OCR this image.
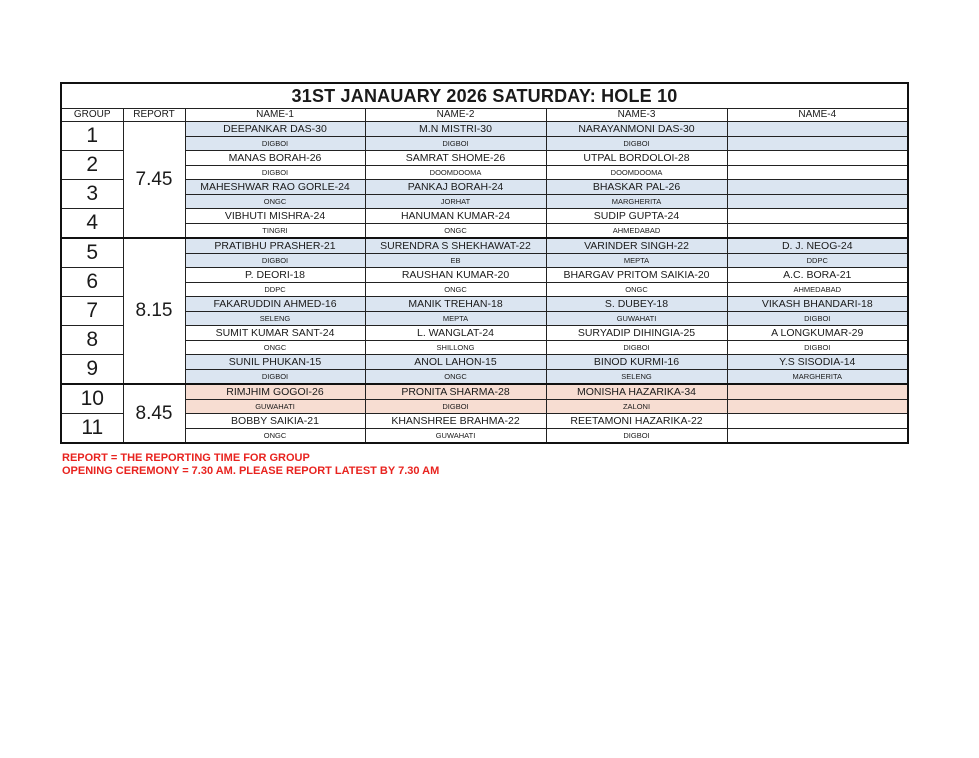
31ST JANAUARY 2026 SATURDAY: HOLE 10					
GROUP	REPORT	NAME-1	NAME-2	NAME-3	NAME-4
1	7.45	DEEPANKAR DAS-30	M.N MISTRI-30	NARAYANMONI DAS-30	
		DIGBOI	DIGBOI	DIGBOI	
2		MANAS BORAH-26	SAMRAT SHOME-26	UTPAL BORDOLOI-28	
		DIGBOI	DOOMDOOMA	DOOMDOOMA	
3		MAHESHWAR RAO GORLE-24	PANKAJ BORAH-24	BHASKAR PAL-26	
		ONGC	JORHAT	MARGHERITA	
4		VIBHUTI MISHRA-24	HANUMAN KUMAR-24	SUDIP GUPTA-24	
		TINGRI	ONGC	AHMEDABAD	
5	8.15	PRATIBHU PRASHER-21	SURENDRA S SHEKHAWAT-22	VARINDER SINGH-22	D. J. NEOG-24
		DIGBOI	EB	MEPTA	DDPC
6		P. DEORI-18	RAUSHAN KUMAR-20	BHARGAV PRITOM SAIKIA-20	A.C. BORA-21
		DDPC	ONGC	ONGC	AHMEDABAD
7		FAKARUDDIN AHMED-16	MANIK TREHAN-18	S. DUBEY-18	VIKASH BHANDARI-18
		SELENG	MEPTA	GUWAHATI	DIGBOI
8		SUMIT KUMAR SANT-24	L. WANGLAT-24	SURYADIP DIHINGIA-25	A LONGKUMAR-29
		ONGC	SHILLONG	DIGBOI	DIGBOI
9		SUNIL PHUKAN-15	ANOL LAHON-15	BINOD KURMI-16	Y.S SISODIA-14
		DIGBOI	ONGC	SELENG	MARGHERITA
10	8.45	RIMJHIM GOGOI-26	PRONITA SHARMA-28	MONISHA HAZARIKA-34	
		GUWAHATI	DIGBOI	ZALONI	
11		BOBBY SAIKIA-21	KHANSHREE BRAHMA-22	REETAMONI HAZARIKA-22	
		ONGC	GUWAHATI	DIGBOI	
REPORT = THE REPORTING TIME FOR GROUP
OPENING CEREMONY = 7.30 AM. PLEASE REPORT LATEST BY 7.30 AM
